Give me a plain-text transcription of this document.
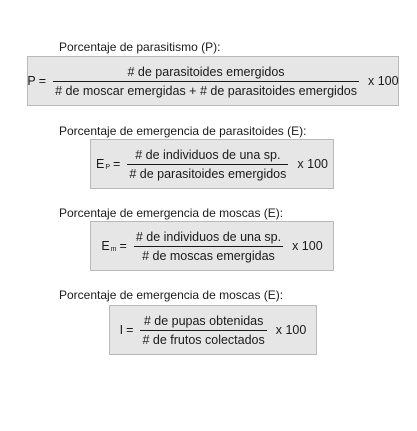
Porcentaje de parasitismo (P):
$P = \frac{\text{\# de parasitoides emergidos}}{\text{\# de moscar emergidas + \# de parasitoides emergidos}}$ x 100
Porcentaje de emergencia de parasitoides (E):
E $P = \frac{\text{\# de individuos de una sp.}}{\text{\# de parasitoides emergidos}}$ x 100
Porcentaje de emergencia de moscas (E):
E $m = \frac{\text{\# de individuos de una sp.}}{\text{\# de moscas emergidas}}$ x 100
Porcentaje de emergencia de moscas (E):
$I = \frac{\text{\# de pupas obtenidas}}{\text{\# de frutos colectados}}$ x 100
